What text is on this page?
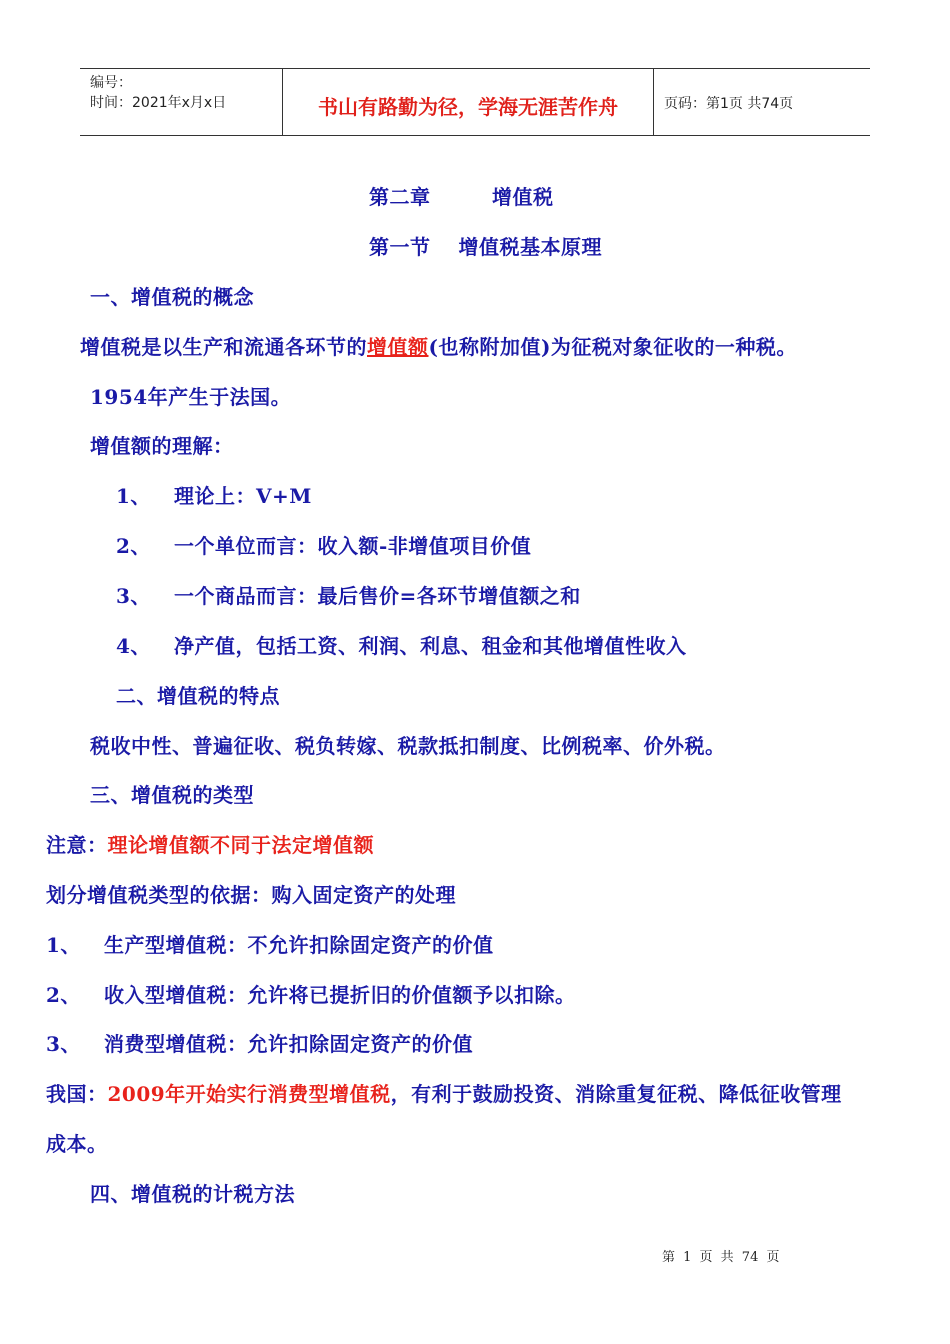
编号：
时间：2021年x月x日	书山有路勤为径，学海无涯苦作舟	页码：第1页 共74页
第二章　　　增值税
第一节　 增值税基本原理
一、增值税的概念
增值税是以生产和流通各环节的增值额(也称附加值)为征税对象征收的一种税。
1954年产生于法国。
增值额的理解：
1、 理论上：V+M
2、 一个单位而言：收入额-非增值项目价值
3、 一个商品而言：最后售价=各环节增值额之和
4、 净产值，包括工资、利润、利息、租金和其他增值性收入
二、增值税的特点
税收中性、普遍征收、税负转嫁、税款抵扣制度、比例税率、价外税。
三、增值税的类型
注意：理论增值额不同于法定增值额
划分增值税类型的依据：购入固定资产的处理
1、 生产型增值税：不允许扣除固定资产的价值
2、 收入型增值税：允许将已提折旧的价值额予以扣除。
3、 消费型增值税：允许扣除固定资产的价值
我国：2009年开始实行消费型增值税，有利于鼓励投资、消除重复征税、降低征收管理
成本。
四、增值税的计税方法
第 1 页 共 74 页
